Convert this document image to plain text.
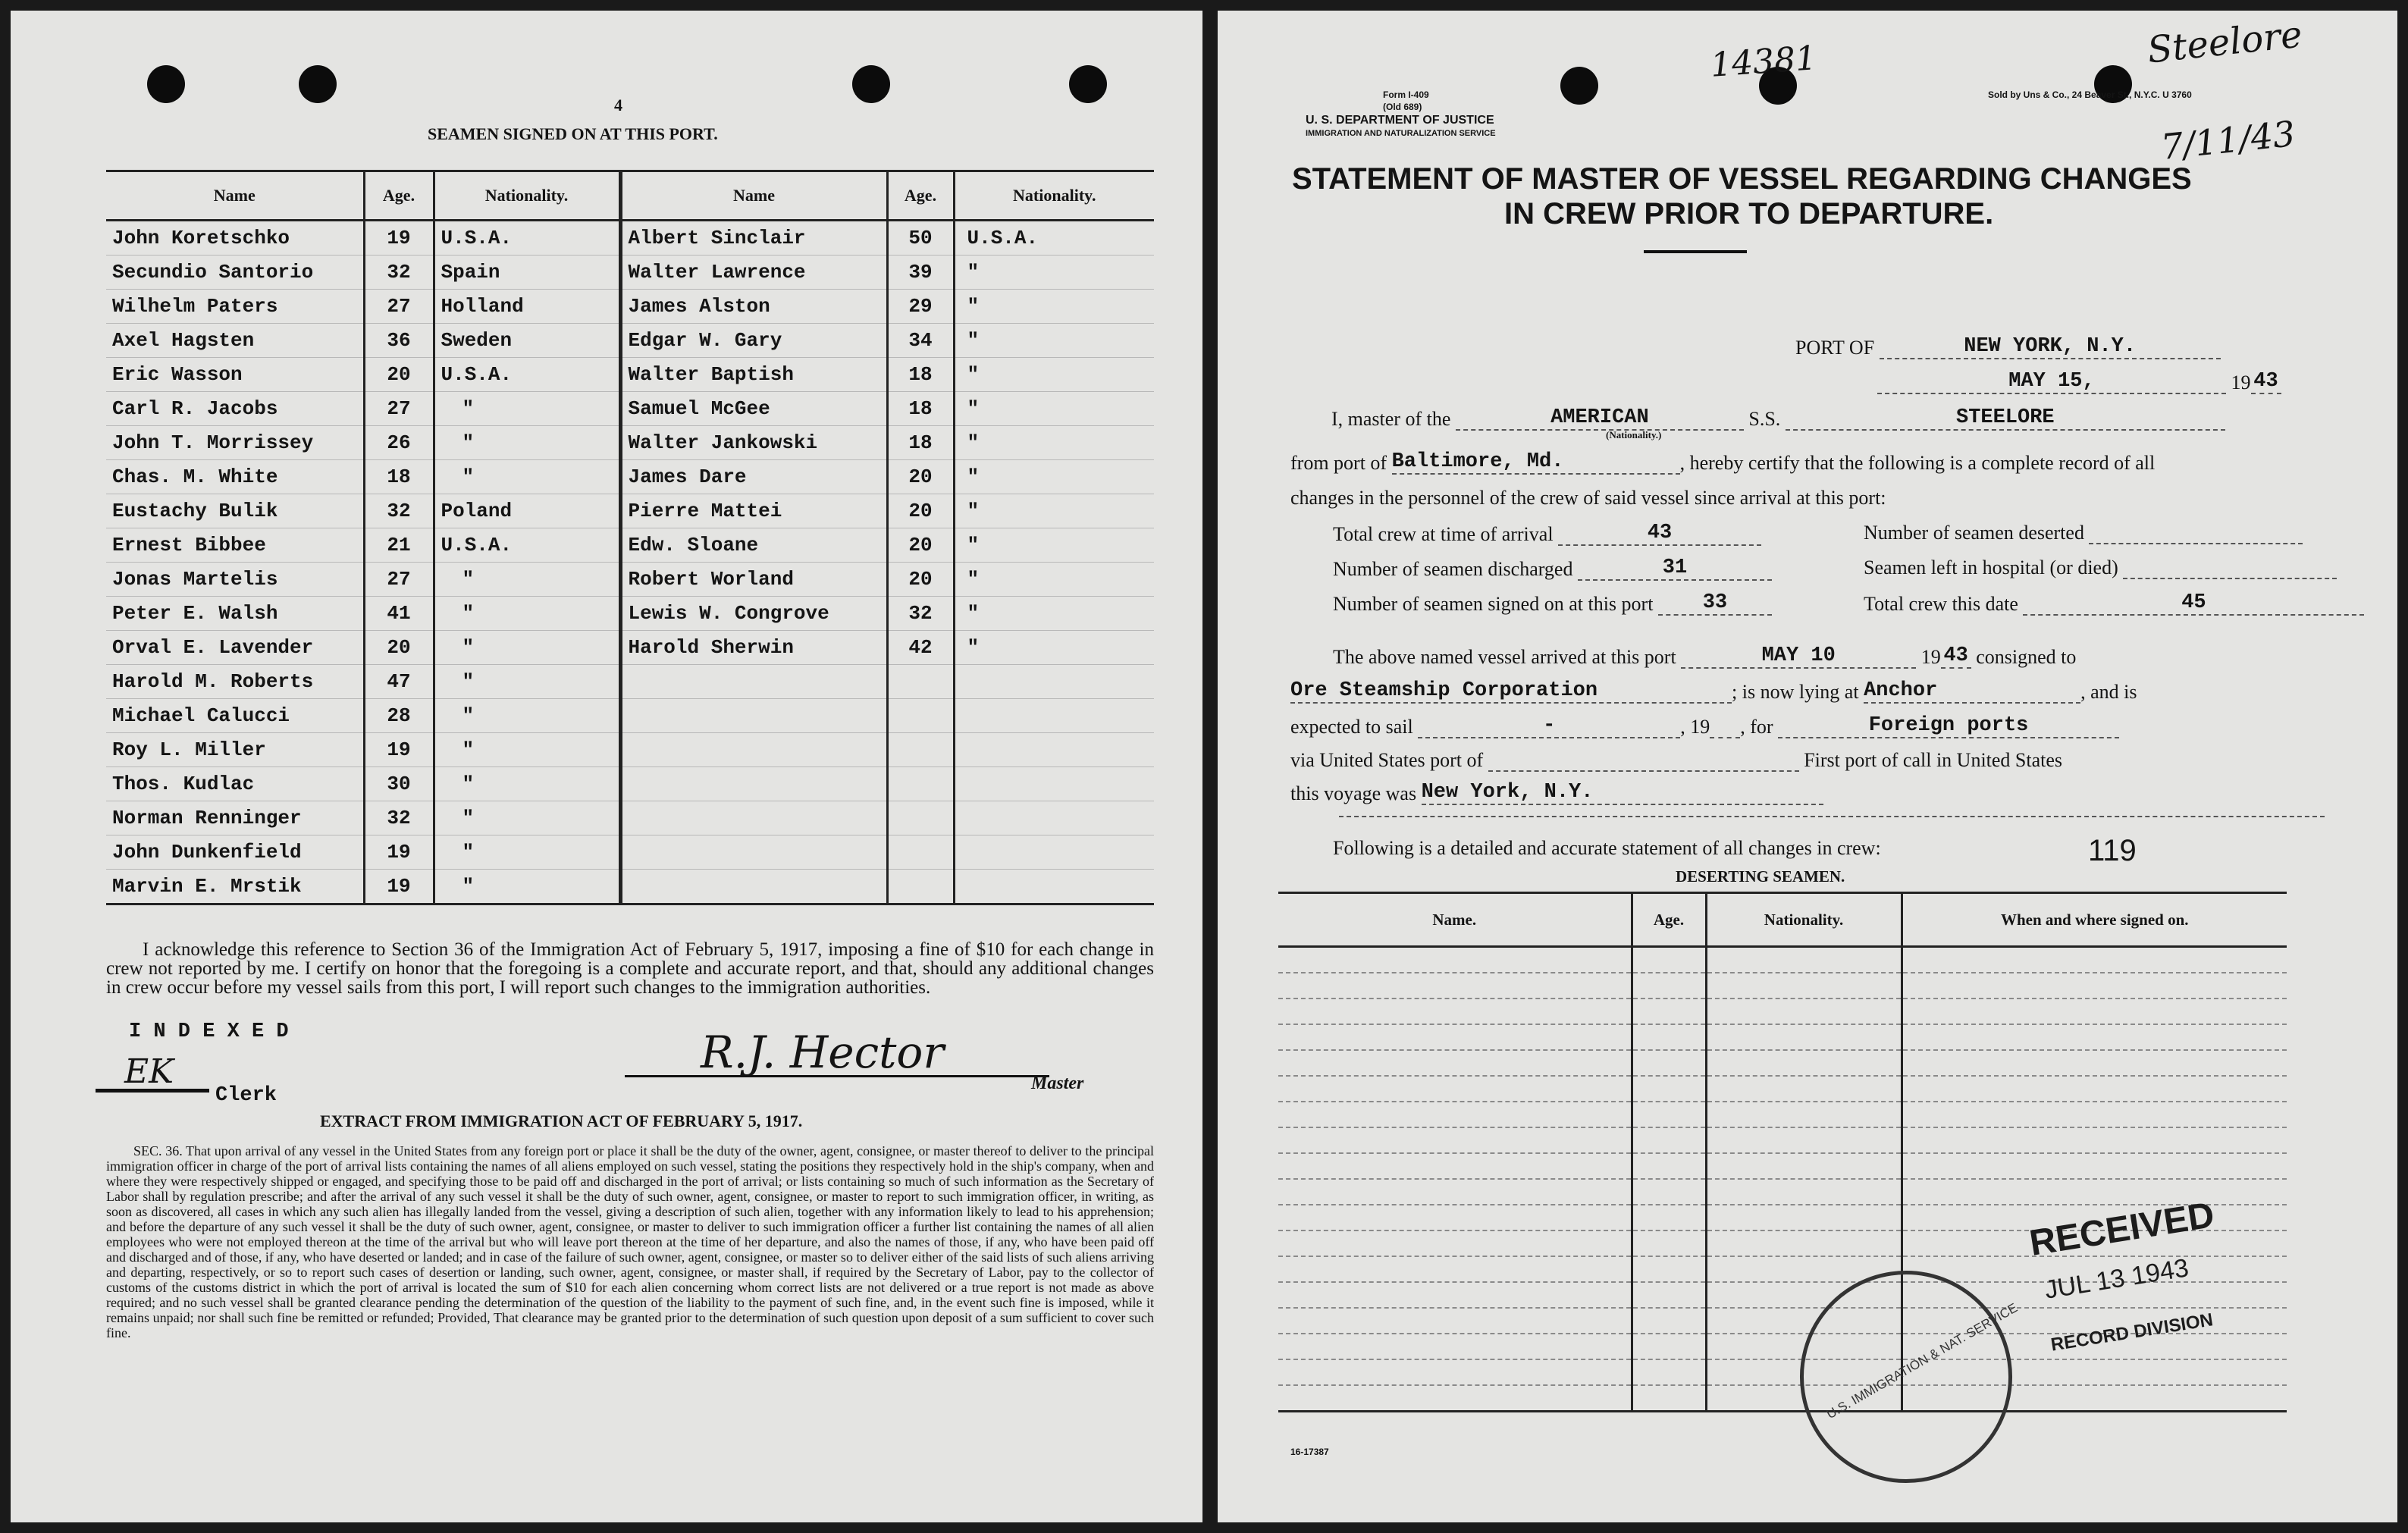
4
SEAMEN SIGNED ON AT THIS PORT.
Name	Age.	Nationality.	Name	Age.	Nationality.
John Koretschko	19	U.S.A.	Albert Sinclair	50	U.S.A.
Secundio Santorio	32	Spain	Walter Lawrence	39	"
Wilhelm Paters	27	Holland	James Alston	29	"
Axel Hagsten	36	Sweden	Edgar W. Gary	34	"
Eric Wasson	20	U.S.A.	Walter Baptish	18	"
Carl R. Jacobs	27	"	Samuel McGee	18	"
John T. Morrissey	26	"	Walter Jankowski	18	"
Chas. M. White	18	"	James Dare	20	"
Eustachy Bulik	32	Poland	Pierre Mattei	20	"
Ernest Bibbee	21	U.S.A.	Edw. Sloane	20	"
Jonas Martelis	27	"	Robert Worland	20	"
Peter E. Walsh	41	"	Lewis W. Congrove	32	"
Orval E. Lavender	20	"	Harold Sherwin	42	"
Harold M. Roberts	47	"			
Michael Calucci	28	"			
Roy L. Miller	19	"			
Thos. Kudlac	30	"			
Norman Renninger	32	"			
John Dunkenfield	19	"			
Marvin E. Mrstik	19	"			
I acknowledge this reference to Section 36 of the Immigration Act of February 5, 1917, imposing a fine of $10 for each change in crew not reported by me. I certify on honor that the foregoing is a complete and accurate report, and that, should any additional changes in crew occur before my vessel sails from this port, I will report such changes to the immigration authorities.
I N D E X E D
EK
Clerk
R.J. Hector
Master
EXTRACT FROM IMMIGRATION ACT OF FEBRUARY 5, 1917.
SEC. 36. That upon arrival of any vessel in the United States from any foreign port or place it shall be the duty of the owner, agent, consignee, or master thereof to deliver to the principal immigration officer in charge of the port of arrival lists containing the names of all aliens employed on such vessel, stating the positions they respectively hold in the ship's company, when and where they were respectively shipped or engaged, and specifying those to be paid off and discharged in the port of arrival; or lists containing so much of such information as the Secretary of Labor shall by regulation prescribe; and after the arrival of any such vessel it shall be the duty of such owner, agent, consignee, or master to report to such immigration officer, in writing, as soon as discovered, all cases in which any such alien has illegally landed from the vessel, giving a description of such alien, together with any information likely to lead to his apprehension; and before the departure of any such vessel it shall be the duty of such owner, agent, consignee, or master to deliver to such immigration officer a further list containing the names of all alien employees who were not employed thereon at the time of the arrival but who will leave port thereon at the time of her departure, and also the names of those, if any, who have been paid off and discharged and of those, if any, who have deserted or landed; and in case of the failure of such owner, agent, consignee, or master so to deliver either of the said lists of such aliens arriving and departing, respectively, or so to report such cases of desertion or landing, such owner, agent, consignee, or master shall, if required by the Secretary of Labor, pay to the collector of customs of the customs district in which the port of arrival is located the sum of $10 for each alien concerning whom correct lists are not delivered or a true report is not made as above required; and no such vessel shall be granted clearance pending the determination of the question of the liability to the payment of such fine, and, in the event such fine is imposed, while it remains unpaid; nor shall such fine be remitted or refunded; Provided, That clearance may be granted prior to the determination of such question upon deposit of a sum sufficient to cover such fine.
14381	Steelore
7/11/43
Form I-409
(Old 689)
U. S. DEPARTMENT OF JUSTICE
IMMIGRATION AND NATURALIZATION SERVICE
Sold by Uns & Co., 24 Beaver St., N.Y.C. U 3760
STATEMENT OF MASTER OF VESSEL REGARDING CHANGES
IN CREW PRIOR TO DEPARTURE.
PORT OF	NEW YORK, N.Y.
MAY 15,	19 43
I, master of the	AMERICAN	S.S.	STEELORE
(Nationality.)
from port of Baltimore, Md.	, hereby certify that the following is a complete record of all
changes in the personnel of the crew of said vessel since arrival at this port:
Total crew at time of arrival	43
Number of seamen discharged	31
Number of seamen signed on at this port 33
Number of seamen deserted
Seamen left in hospital (or died)
Total crew this date	45
The above named vessel arrived at this port	MAY 10	19 43 consigned to
Ore Steamship Corporation	; is now lying at Anchor	, and is
expected to sail	-	, 19 , for	Foreign ports
via United States port of	First port of call in United States
this voyage was New York, N.Y.
Following is a detailed and accurate statement of all changes in crew:	119
DESERTING SEAMEN.
Name.	Age.	Nationality.	When and where signed on.

RECEIVED
JUL 13 1943
RECORD DIVISION
U.S. IMMIGRATION & NAT. SERVICE
16-17387
